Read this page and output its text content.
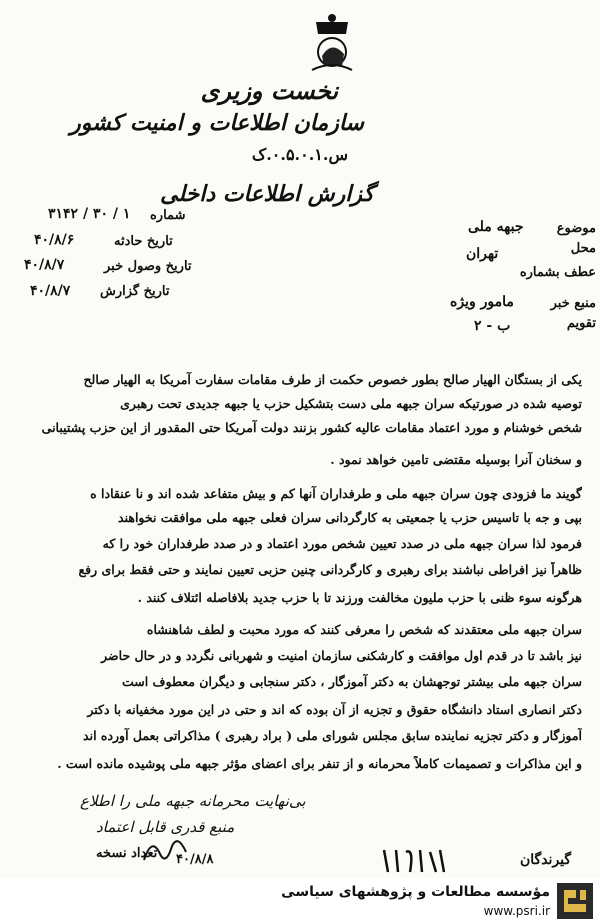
نخست وزیری
سازمان اطلاعات و امنیت کشور
س.۰.۵.۰.۱.ک
گزارش اطلاعات داخلی
شماره
۳۱۴۲ / ۳۰ / ۱
تاریخ حادثه
۴۰/۸/۶
تاریخ وصول خبر
۴۰/۸/۷
تاریخ گزارش
۴۰/۸/۷
موضوع
جبهه ملی
محل
تهران
عطف بشماره
منبع خبر
مامور ویژه
تقویم
ب - ۲
یکی از بستگان الهیار صالح بطور خصوص حکمت از طرف مقامات سفارت آمریکا به الهیار صالح
توصیه شده در صورتیکه سران جبهه ملی دست بتشکیل حزب یا جبهه جدیدی تحت رهبری
شخص خوشنام و مورد اعتماد مقامات عالیه کشور بزنند دولت آمریکا حتی المقدور از این حزب پشتیبانی
و سخنان آنرا بوسیله مقتضی تامین خواهد نمود .
گویند ما فزودی چون سران جبهه ملی و طرفداران آنها کم و بیش متفاعد شده اند و نا عنقادا ه
بپی و جه با تاسیس حزب یا جمعیتی به کارگردانی سران فعلی جبهه ملی موافقت نخواهند
فرمود لذا سران جبهه ملی در صدد تعیین شخص مورد اعتماد و در صدد طرفداران خود را که
ظاهراً نیز افراطی نباشند برای رهبری و کارگردانی چنین حزبی تعیین نمایند و حتی فقط برای رفع
هرگونه سوء ظنی با حزب ملیون مخالفت ورزند تا با حزب جدید بلافاصله ائتلاف کنند .
سران جبهه ملی معتقدند که شخص را معرفی کنند که مورد محبت و لطف شاهنشاه
نیز باشد تا در قدم اول موافقت و کارشکنی سازمان امنیت و شهربانی نگردد و در حال حاضر
سران جبهه ملی بیشتر توجهشان به دکتر آموزگار ، دکتر سنجابی و دیگران معطوف است
دکتر انصاری استاد دانشگاه حقوق و تجزیه از آن بوده که اند و حتی در این مورد مخفیانه با دکتر
آموزگار و دکتر تجزیه نماینده سابق مجلس شورای ملی ( براد رهبری ) مذاکراتی بعمل آورده اند
و این مذاکرات و تصمیمات کاملاً محرمانه و از تنفر برای اعضای مؤثر جبهه ملی پوشیده مانده است .
بی‌نهایت محرمانه جبهه ملی را اطلاع
منبع قدری قابل اعتماد
تعداد نسخه ۴۰/۸/۸	گیرندگان
مؤسسه مطالعات و پژوهشهای سیاسی
www.psri.ir
